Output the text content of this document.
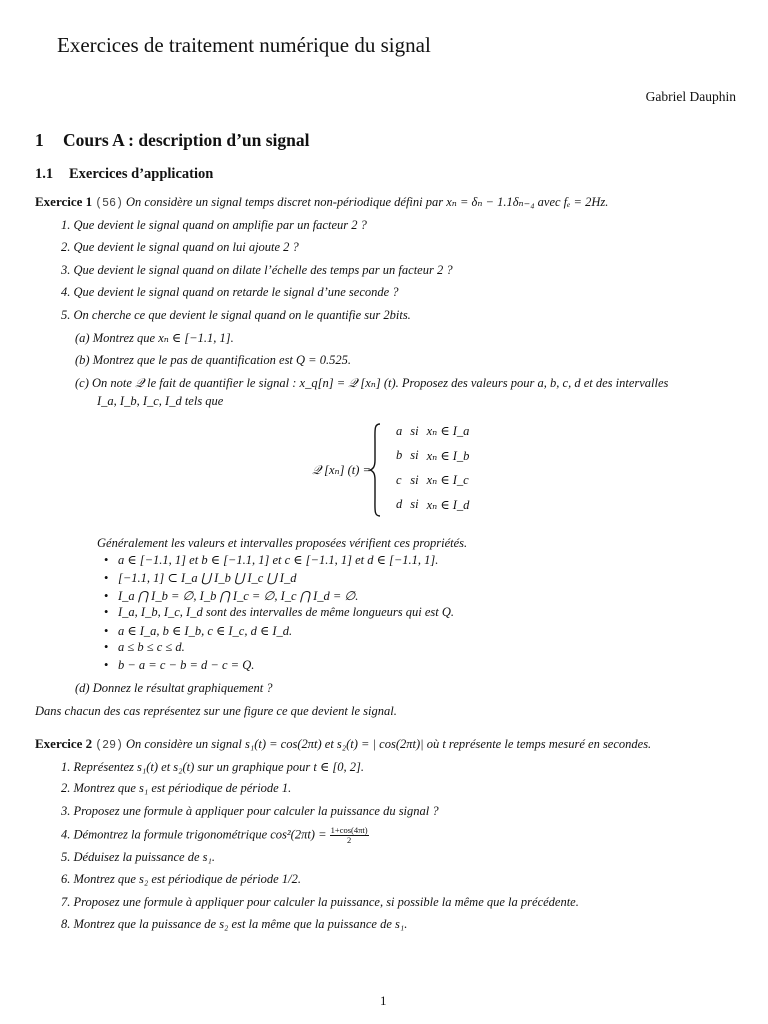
Exercices de traitement numérique du signal
Gabriel Dauphin
1 Cours A : description d’un signal
1.1 Exercices d’application
Exercice 1 (56) On considère un signal temps discret non-périodique défini par xₙ = δₙ − 1.1δₙ₋₄ avec fₑ = 2Hz.
1. Que devient le signal quand on amplifie par un facteur 2 ?
2. Que devient le signal quand on lui ajoute 2 ?
3. Que devient le signal quand on dilate l’échelle des temps par un facteur 2 ?
4. Que devient le signal quand on retarde le signal d’une seconde ?
5. On cherche ce que devient le signal quand on le quantifie sur 2bits.
(a) Montrez que xₙ ∈ [−1.1, 1].
(b) Montrez que le pas de quantification est Q = 0.525.
(c) On note 𝒬 le fait de quantifier le signal : x_q[n] = 𝒬 [xₙ] (t). Proposez des valeurs pour a, b, c, d et des intervalles
I_a, I_b, I_c, I_d tels que
𝒬 [xₙ] (t) =
a	si	xₙ ∈ I_a
b	si	xₙ ∈ I_b
c	si	xₙ ∈ I_c
d	si	xₙ ∈ I_d
Généralement les valeurs et intervalles proposées vérifient ces propriétés.
• a ∈ [−1.1, 1] et b ∈ [−1.1, 1] et c ∈ [−1.1, 1] et d ∈ [−1.1, 1].
• [−1.1, 1] ⊂ I_a ⋃ I_b ⋃ I_c ⋃ I_d
• I_a ⋂ I_b = ∅, I_b ⋂ I_c = ∅, I_c ⋂ I_d = ∅.
• I_a, I_b, I_c, I_d sont des intervalles de même longueurs qui est Q.
• a ∈ I_a, b ∈ I_b, c ∈ I_c, d ∈ I_d.
• a ≤ b ≤ c ≤ d.
• b − a = c − b = d − c = Q.
(d) Donnez le résultat graphiquement ?
Dans chacun des cas représentez sur une figure ce que devient le signal.
Exercice 2 (29) On considère un signal s₁(t) = cos(2πt) et s₂(t) = | cos(2πt)| où t représente le temps mesuré en secondes.
1. Représentez s₁(t) et s₂(t) sur un graphique pour t ∈ [0, 2].
2. Montrez que s₁ est périodique de période 1.
3. Proposez une formule à appliquer pour calculer la puissance du signal ?
4. Démontrez la formule trigonométrique $\cos^2(2\pi t) = \frac{1+\cos(4\pi t)}{2}$
5. Déduisez la puissance de s₁.
6. Montrez que s₂ est périodique de période 1/2.
7. Proposez une formule à appliquer pour calculer la puissance, si possible la même que la précédente.
8. Montrez que la puissance de s₂ est la même que la puissance de s₁.
1
